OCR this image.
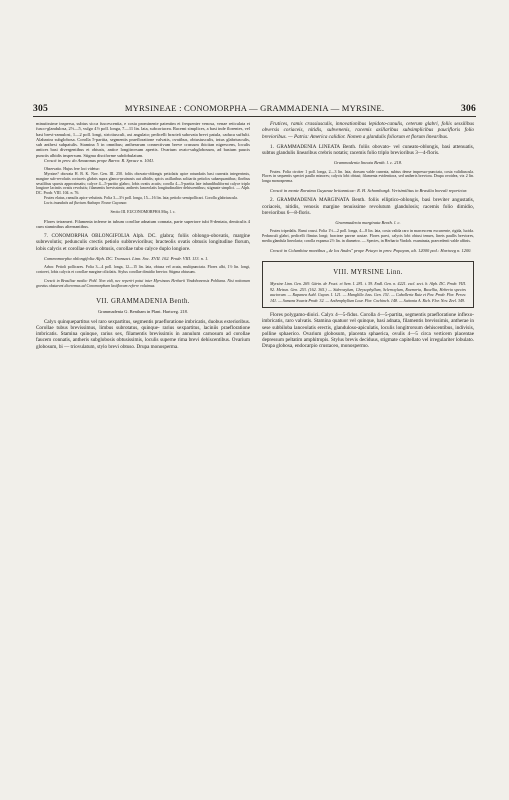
305	MYRSINEAE : CONOMORPHA — GRAMMADENIA — MYRSINE.	306

minutissime inspersa, subtus sicca fuscescentia, e costa prominente patentim et frequenter venosa, venae reticulata et fusco-glandulosa, 2½—5, vulgo 4½ poll. longa, 7—11 lin. lata, subcoriacea. Racemi simplices, a basi inde florentes, vel basi brevi-ramulosi, 1—2 poll. longi, strictiusculi, axi angulato; pedicelli bracteâ subovata brevi patula, caduca suffulti. Alabastra subglobosa. Corolla 5-partita, segmentis praefloratione valvatis, ovatibus, obtusiusculis, intus glabriusculis, sub anthesi subpatulis. Stamina 5 in omnibus; antherarum connectivum breve crassum ibicitan nigrescens, loculis antices basi divergentibus et obtusis, antice longitrorsum apertis. Ovarium ovato-subglobosum, ad basium paucis punctis albidis inspersum. Stigma disciforme subdobulatum.

Crescit in prov. do Amazonas prope Barra: R. Spruce n. 1041.

Observatio. Hujus fere loci videtur:

Myrsine? obovata H. B. K. Nov. Gen. III. 250. foliis obovato-oblongis petiolatis apice rotundatis basi cuneatis integerrimis, margine sub-revolutis coriaceis glabris supra glanco-pruinosis aut albidis; spicis axillaribus solitariis petiolos subaequantibus; floribus sessilibus sparsis approximatis; calyce 4—5-partito glabro, lobis ovatis acutis; corolla 4—5-partita late infundibuliformi calyce triplo longiore laciniis ovatis revolutis; filamentis brevissimis; antheris lanceolatis longitudinaliter dehiscentibus; stigmate simplici. — Alph. DC. Prodr. VIII. 104. n. 76.

Frutex elatus, ramulis apice velutinis. Folia 3—3½ poll. longa, 15—16 lin. lata; petiolo semipollicari. Corolla glabriuscula.

Locis inundatis ad fluvium Atabapo Novae Guyanae.

Sectio III. EUCONOMORPHA Miq. l. c.

Flores tetrameri. Filamenta inferne in tubum corollae adnatum connata, parte superiore tubi 8-dentata, denticulis 4 cum staminibus alternantibus.

7. CONOMORPHA OBLONGIFOLIA Alph. DC. glabra; foliis oblongo-obovatis, margine subrevolutis; pedunculis crectis petiolo subbrevioribus; bracteolis ovatis obtusis longitudine florum, lobis calycis et corollae ovatis obtusis, corollae tubo calyce duplo longiore.

Commomorpha oblongifolia Alph. DC. Transact. Linn. Soc. XVII. 102. Prodr. VIII. 113. n. 1.

Arbor. Petioli pollicares. Folia 3—4 poll. longa, 12—15 lin. lata, obtusa vel acuta, multipunctata. Flores albi, 1½ lin. longi, corioeei, lobis calycis et corollae margine ciliolatis. Stylus corollae dimidio brevior. Stigma obtusum.

Crescit in Brasiliae media: Pohl. Non vidi, nec reperiri potui inter Myrsineas Herbarii Vindobonensis Pohliana. Nisi notionum gravius obstarent diceremus ad Conomorpham laxifloram referre voluimus.

VII. GRAMMADENIA Benth.

Grammadenia G. Bentham in Plant. Hartweg. 218.

Calyx quinquepartitus vel raro sexpartitus, segmentis praefloratione imbricatis, duobus exterioribus. Corollae tubus brevissimus, limbus subrotatus, quinque- rarius sexpartitus, laciniis praefloratione imbricatis. Stamina quinque, rarius sex, filamentis brevissimis in annulum carnosum ad corollae faucem connatis, antheris subglobosis obtusissimis, loculis superne rima brevi dehiscentibus. Ovarium globosum, bi — triovulatum, stylo brevi obtuso. Drupa monosperma.

Frutices, ramis crassiusculis, innovationibus lepidoto-canulis, ceterum glabri, foliis sessilibus obversis coriaceis, nitidis, subvenenis, racemis axillaribus subsimplicibus paucifloris folio brevioribus. — Patria: America calidior. Nomen a glandulis foliorum et florum linearibus.

1. GRAMMADENIA LINEATA Benth. foliis obovato- vel cuneato-oblongis, basi attenuatis, subtus glandulis linearibus crebris notatis; racemis folio triplo brevioribus 3—4-floris.

Grammadenia lineata Benth. l. c. 218.

Frutex. Folia circiter 1 poll. longa, 2—3 lin. lata, dorsum valde cuneata, subtus dense impresso-punctata, costa validiuscula. Flores in sequentis speciei paullo minores; calycis lobi obtusi; filamenta evidentiora, sed antheris breviora. Drupa ovoidea, vix 2 lin. longa monosperma.

Crescit in monte Roraima Guyanae britannicae: R. H. Schomburgk. Verisimilitus in Brasilia boreali reperietur.

2. GRAMMADENIA MARGINATA Benth. foliis elliptico-oblongis, basi breviter angustatis, coriaceis, nitidis, venosis margine tenuissime revolutum glandulosis; racemis folio dimidio, brevioribus 6—8-floris.

Grammadenia marginata Benth. l. c.

Frutex tripedalis. Rami crassi. Folia 1½—2 poll. longa, 4—8 lin. lata, costa valida raro in marcescens excurrente, rigida, lucida. Pedunculi glabri, pedicelli flimius longi; bracteae parvae acutae. Flores parvi, calycis lobi obtusi tenues, lineis paullis breviores, media glandula lineolaria; corolla expansa 2½ lin. in diametro. — Species, in Herbario Vindob. examinata, praecedenti valde affinis.

Crescit in Columbiae montibus „de los Andes" prope Petayo in prov. Popayan, alt. 12000 ped.: Hartweg n. 1200.

VIII. MYRSINE Linn.

Myrsine Linn. Gen. 269. Gärtn. de Fruct. et Sem. I. 281. t. 59. Endl. Gen. n. 4221. excl. sect. b. Alph. DC. Prodr. VIII. 92. Meissn. Gen. 253. (162. 365.) — Sideroxylum, Chrysophyllum, Scleroxylum, Roemeria, Buxellia, Heberia species auctorum. — Rapanea Aubl. Guyan. I. 121. — Manglilla Juss. Gen. 151. — Caballeria Ruiz et Pav. Prodr. Flor. Peruv. 141. — Samara Swartz Prodr. 32. — Anthrophyllum Lour. Flor. Cochinch. 148. — Suttonia A. Rich. Flor. Nov. Zeel. 349.

Flores polygamo-dioici. Calyx 4—5-fidus. Corolla 4—5-partita, segmentis praefloratione inflexo-imbricatis, raro valvatis. Stamina quatuor vel quinque, basi adnata, filamentis brevissimis, antherae in sese subbiloba lanceolatis erectis, glanduloso-apiculatis, loculis longitrorsum dehiscentibus, indivisis, polline sphaerico. Ovarium globosum, placenta sphaerica, ovulis 4—5 circa verticem placentae depressum peltatim amphitropis. Stylus brevis deciduus, stigmate capitellato vel irregulariter lobulato. Drupa globosa, endocarpio crustaceo, monospermo.
